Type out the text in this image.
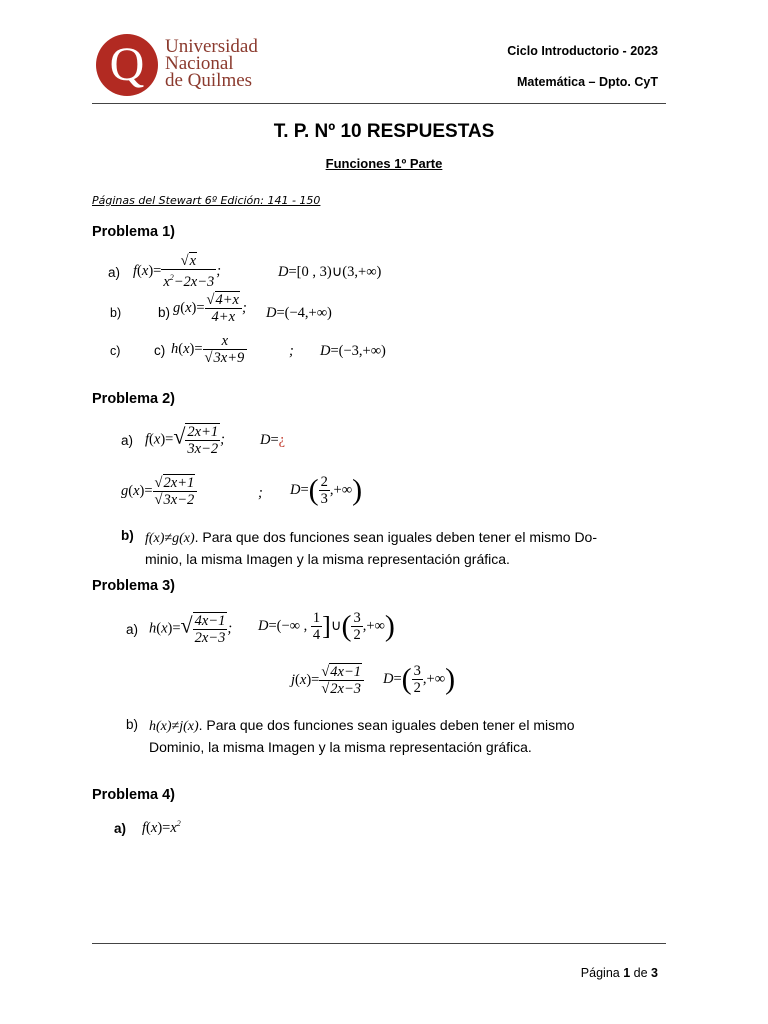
Q	Universidad
Nacional
de Quilmes
Ciclo Introductorio - 2023
Matemática – Dpto. CyT
T. P. Nº 10 RESPUESTAS
Funciones 1º Parte
Páginas del Stewart 6º Edición: 141 - 150
Problema 1)
a) $f(x)= \frac{√x}{x^2-2x-3}$ ;	D=[0 , 3)∪(3,+∞)
b)	b) $g(x)= \frac{√4+x}{4+x}$ ; D=(−4,+∞)
c) c) $h(x)= \frac{x}{√3x+9}$	; D=(−3,+∞)
Problema 2)
a) $f(x)=√ \frac{2x+1}{3x-2}$ ; D=¿
$g(x)= \frac{√2x+1}{√3x-2}$	; $D=( \frac{2}{3}$ ,+∞)
b) f(x)≠g(x). Para que dos funciones sean iguales deben tener el mismo Do-
minio, la misma Imagen y la misma representación gráfica.
Problema 3)
a) $h(x)=√ \frac{4x-1}{2x-3}$ ; D=(−∞ , $\frac{1}{4}$ ]∪( $\frac{3}{2}$ ,+∞)
$j(x)= \frac{√4x-1}{√2x-3} D=( \frac{3}{2}$ ,+∞)
b) h(x)≠j(x). Para que dos funciones sean iguales deben tener el mismo
Dominio, la misma Imagen y la misma representación gráfica.
Problema 4)
a) $f(x)=x^2$
Página 1 de 3
